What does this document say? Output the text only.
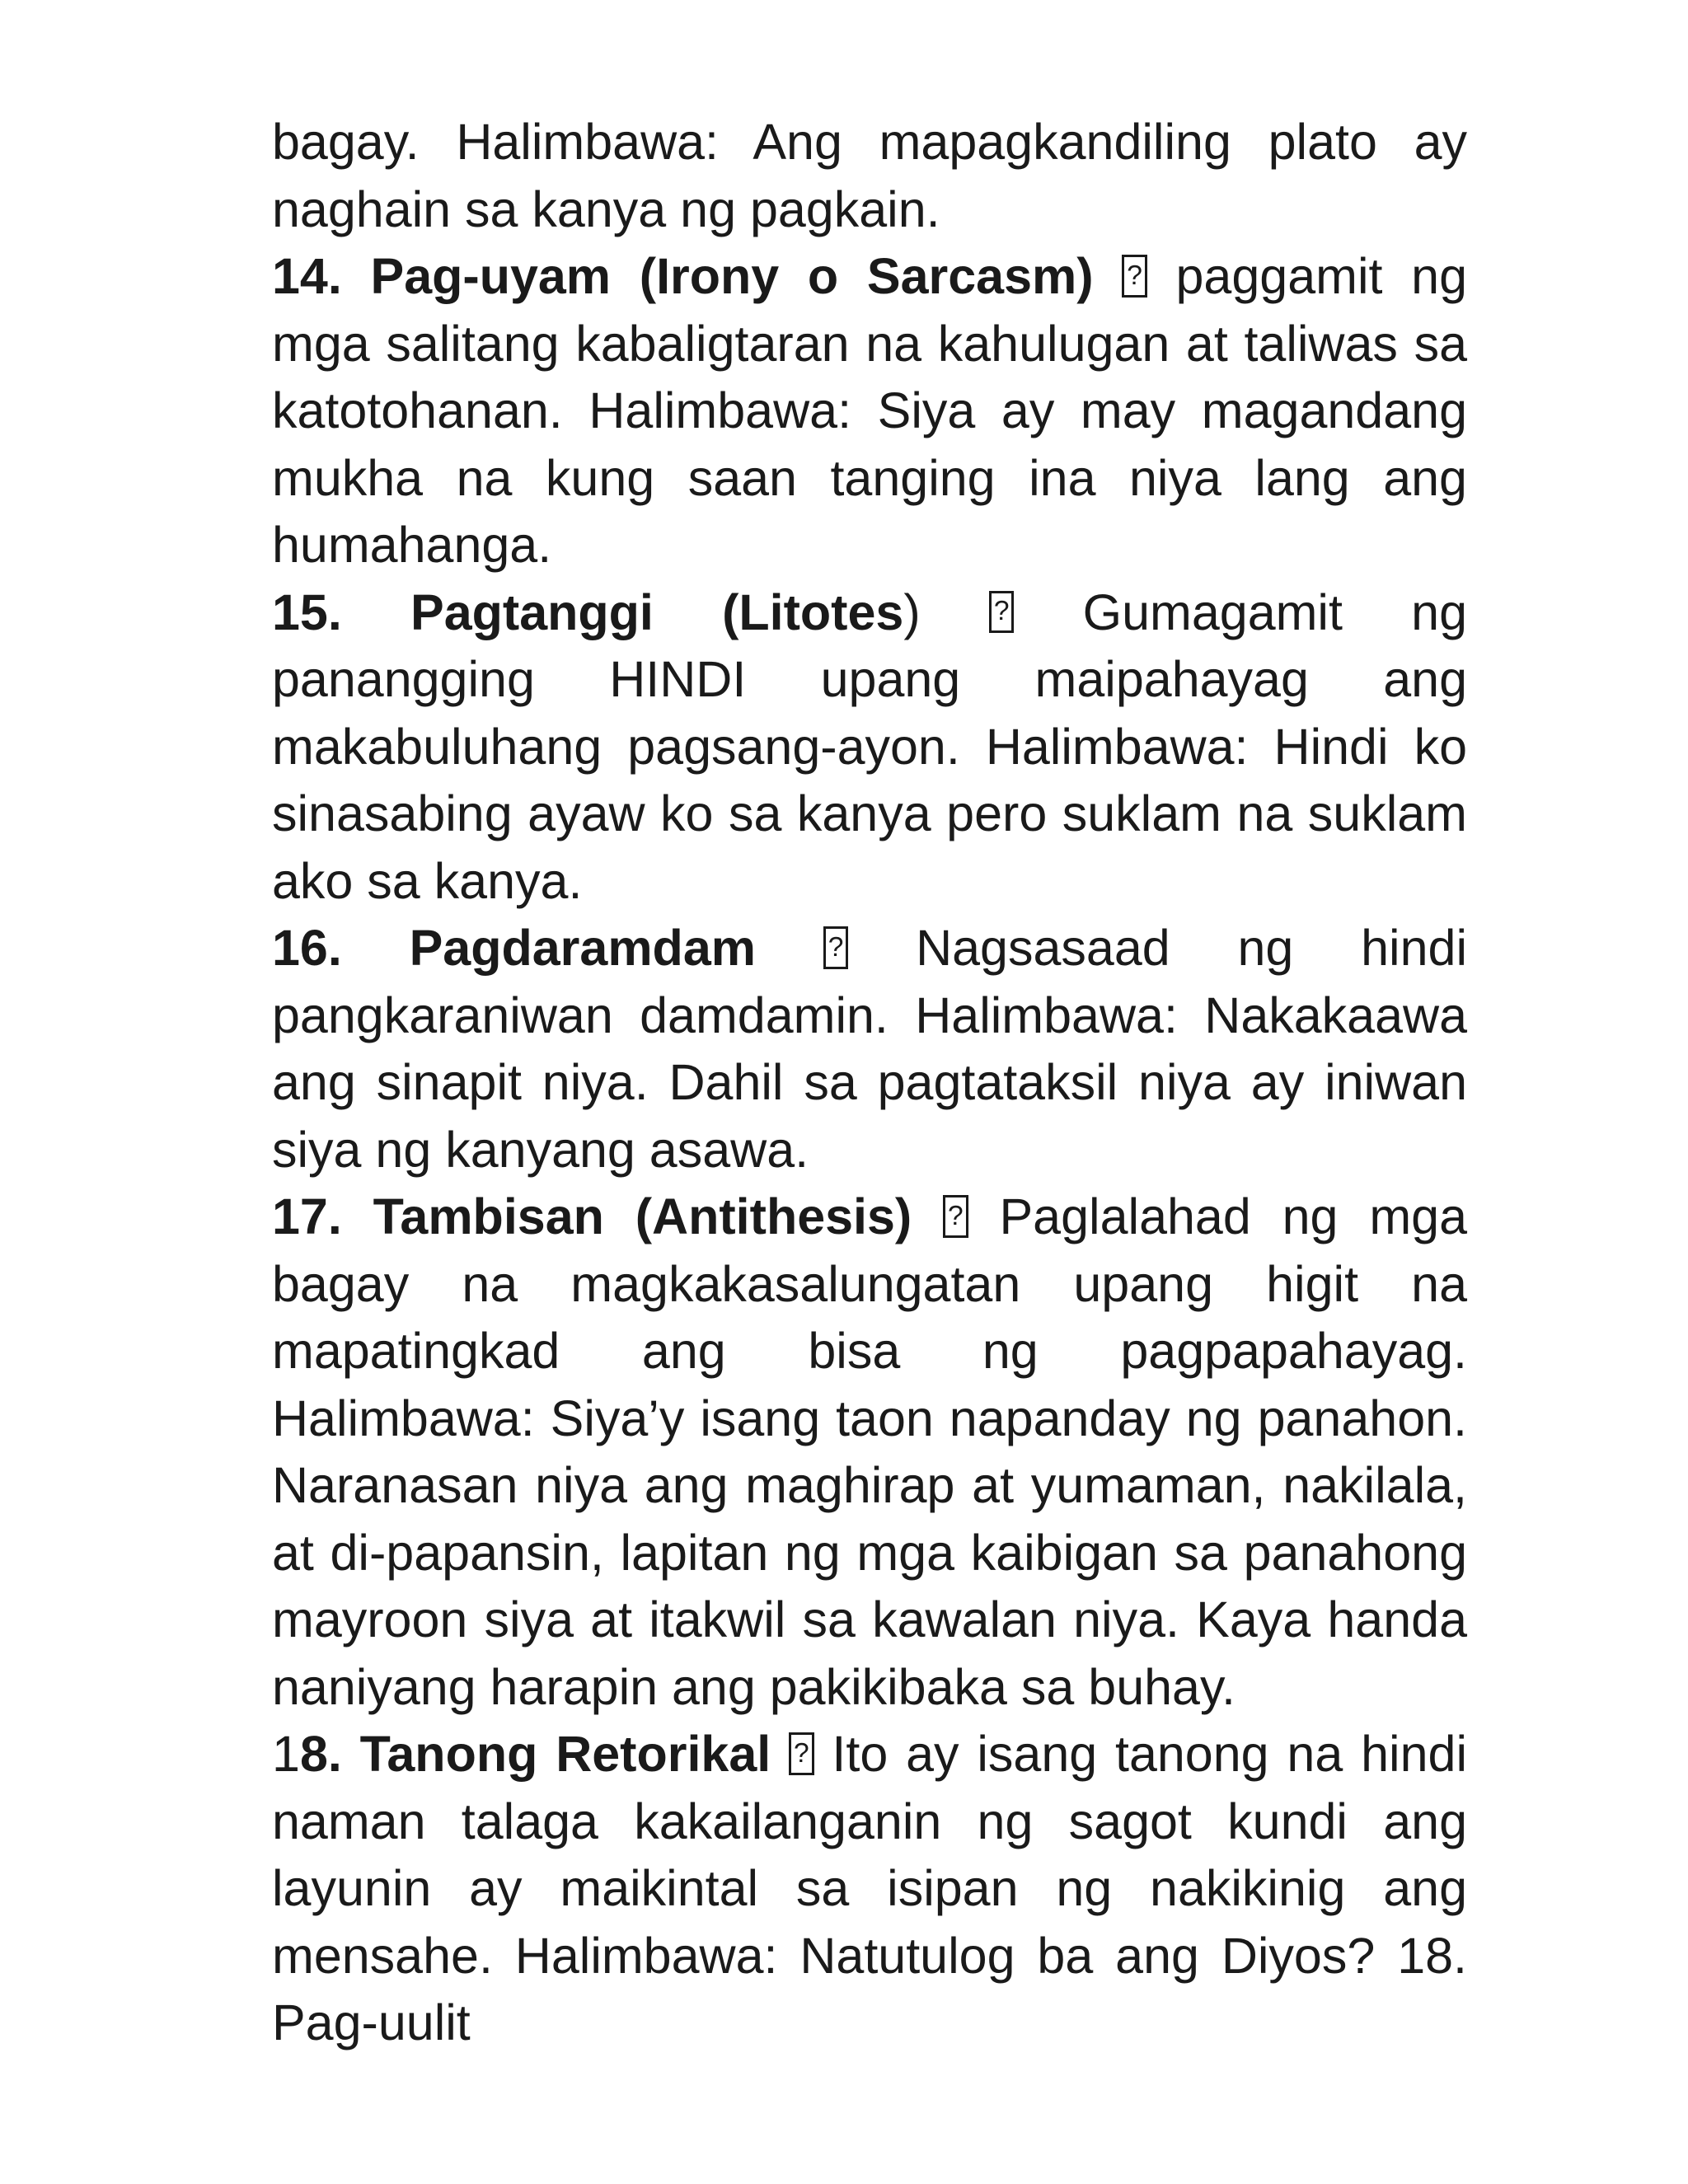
bagay. Halimbawa: Ang mapagkandiling plato ay naghain sa kanya ng pagkain.

14. Pag-uyam (Irony o Sarcasm) ? paggamit ng mga salitang kabaligtaran na kahulugan at taliwas sa katotohanan. Halimbawa: Siya ay may magandang mukha na kung saan tanging ina niya lang ang humahanga.

15. Pagtanggi (Litotes) ?	Gumagamit ng panangging HINDI upang maipahayag ang makabuluhang pagsang-ayon. Halimbawa: Hindi ko sinasabing ayaw ko sa kanya pero suklam na suklam ako sa kanya.

16. Pagdaramdam ?	Nagsasaad ng hindi pangkaraniwan damdamin. Halimbawa: Nakakaawa ang sinapit niya. Dahil sa pagtataksil niya ay iniwan siya ng kanyang asawa.

17. Tambisan (Antithesis) ? Paglalahad ng mga bagay na magkakasalungatan upang higit na mapatingkad ang bisa ng pagpapahayag. Halimbawa: Siya’y isang taon napanday ng panahon. Naranasan niya ang maghirap at yumaman, nakilala, at di-papansin, lapitan ng mga kaibigan sa panahong mayroon siya at itakwil sa kawalan niya. Kaya handa naniyang harapin ang pakikibaka sa buhay.

18. Tanong Retorikal ? Ito ay isang tanong na hindi naman talaga kakailanganin ng sagot kundi ang layunin ay maikintal sa isipan ng nakikinig ang mensahe. Halimbawa: Natutulog ba ang Diyos? 18. Pag-uulit
